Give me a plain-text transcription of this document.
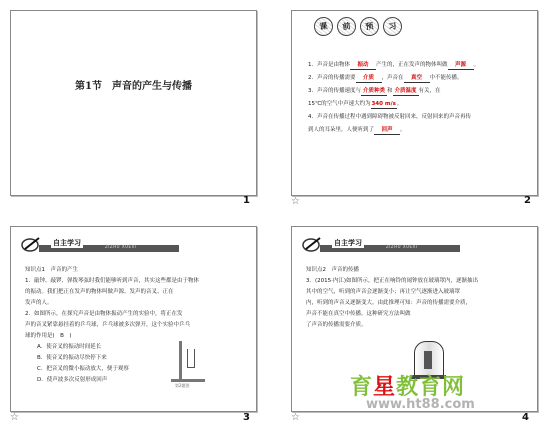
第1节　声音的产生与传播
1
课	前	预	习
1．声音是由物体 振动 产生的，正在发声的物体叫做 声源 。
2．声音的传播需要 介质 ，声音在 真空 中不能传播。
3．声音的传播速度与 介质种类 和 介质温度 有关，在
15℃的空气中声速大约为340 m/s。
4．声音在传播过程中遇到障碍物被反射回来，反射回来的声音再传
到人的耳朵里，人便听到了 回声 。
☆	2
自主学习	ZIZHU XUEXI
知识点1　声音的产生
1．敲钟、敲锣、弹拨琴弦时我们能够听到声音，其实这些都是由于物体
的振动。我们把正在发声的物体叫做声源。发声的音叉、正在
发声的人。
2．如图所示，在探究声音是由物体振动产生的实验中，将正在发
声的音叉紧靠悬挂着的乒乓球，乒乓球被多次弹开，这个实验中乒乓
球的作用是(　B　)
A．使音叉的振动时间延长
B．使音叉的振动尽快停下来
C．把音叉的微小振动放大，便于观察
D．使声波多次反射形成回声
第2题图
☆	3
自主学习	ZIZHU XUEXI
知识点2　声音的传播
3．(2015·内江)如图所示，把正在响铃的闹钟放在玻璃罩内，逐渐抽出
其中的空气，听到的声音会逐渐变小；再让空气逐渐进入玻璃罩
内，听到的声音又逐渐变大。由此推理可知：声音的传播需要介质，
声音不能在真空中传播。这种研究方法叫做
了声音的传播需要介质。
☆	4
育星教育网
www.ht88.com
